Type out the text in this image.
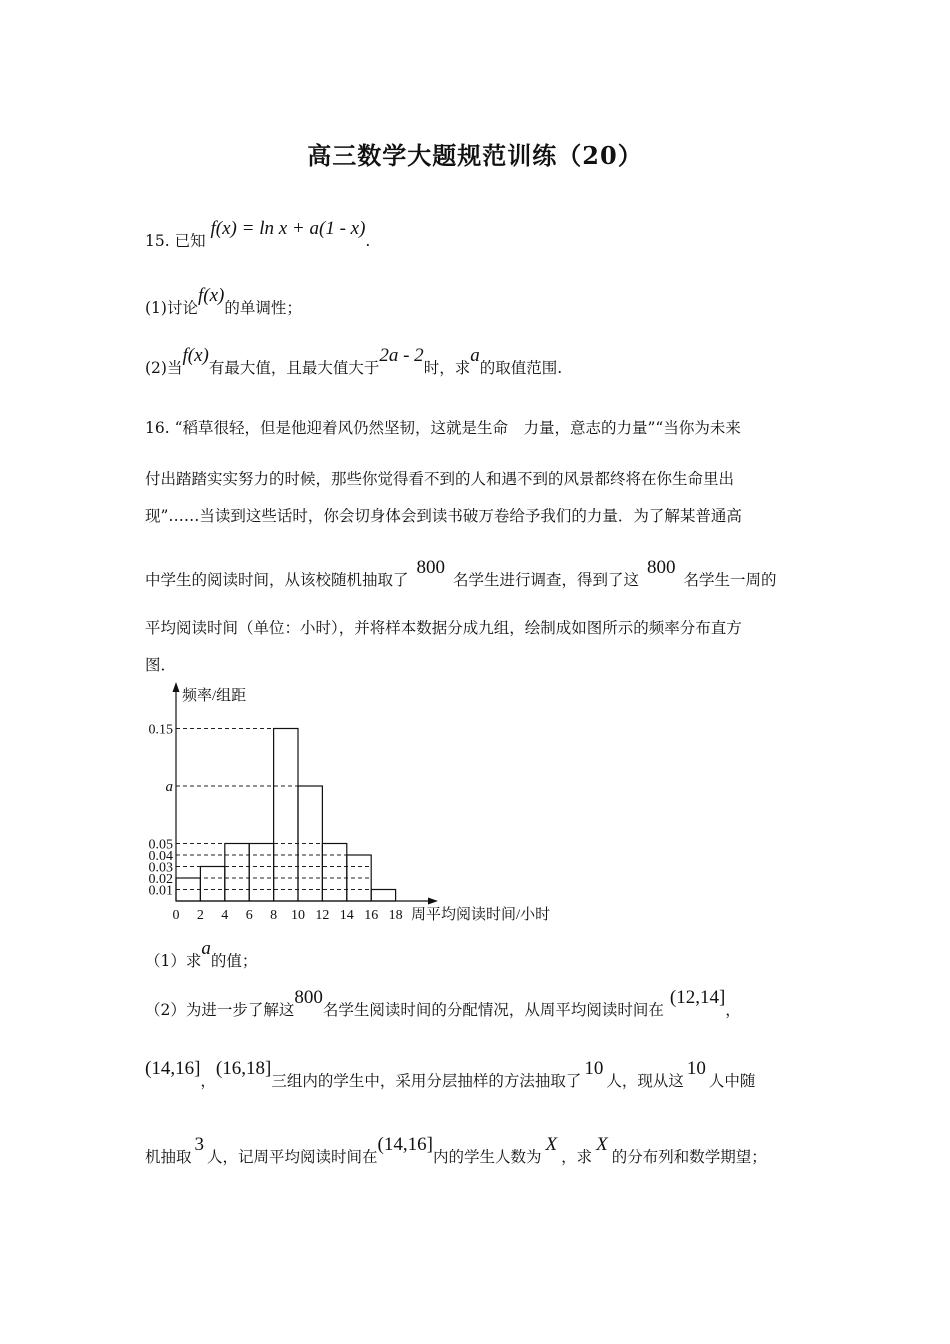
高三数学大题规范训练（20）
15. 已知 f(x) = ln x + a(1 - x).
(1)讨论f(x)的单调性；
(2)当f(x)有最大值，且最大值大于2a - 2时，求a的取值范围.
16. “稻草很轻，但是他迎着风仍然坚韧，这就是生命　力量，意志的力量”“当你为未来
付出踏踏实实努力的时候，那些你觉得看不到的人和遇不到的风景都终将在你生命里出
现”……当读到这些话时，你会切身体会到读书破万卷给予我们的力量．为了解某普通高
中学生的阅读时间，从该校随机抽取了800名学生进行调查，得到了这800名学生一周的
平均阅读时间（单位：小时），并将样本数据分成九组，绘制成如图所示的频率分布直方
图．
0.01
0.02
0.03
0.04
0.05
a
0.15
0 2 4 6 8 10 12 14 16 18
频率/组距
周平均阅读时间/小时
（1）求a的值；
（2）为进一步了解这800名学生阅读时间的分配情况，从周平均阅读时间在(12,14]，
(14,16]，(16,18]三组内的学生中，采用分层抽样的方法抽取了10人，现从这10人中随
机抽取3人，记周平均阅读时间在(14,16]内的学生人数为X，求X的分布列和数学期望；
